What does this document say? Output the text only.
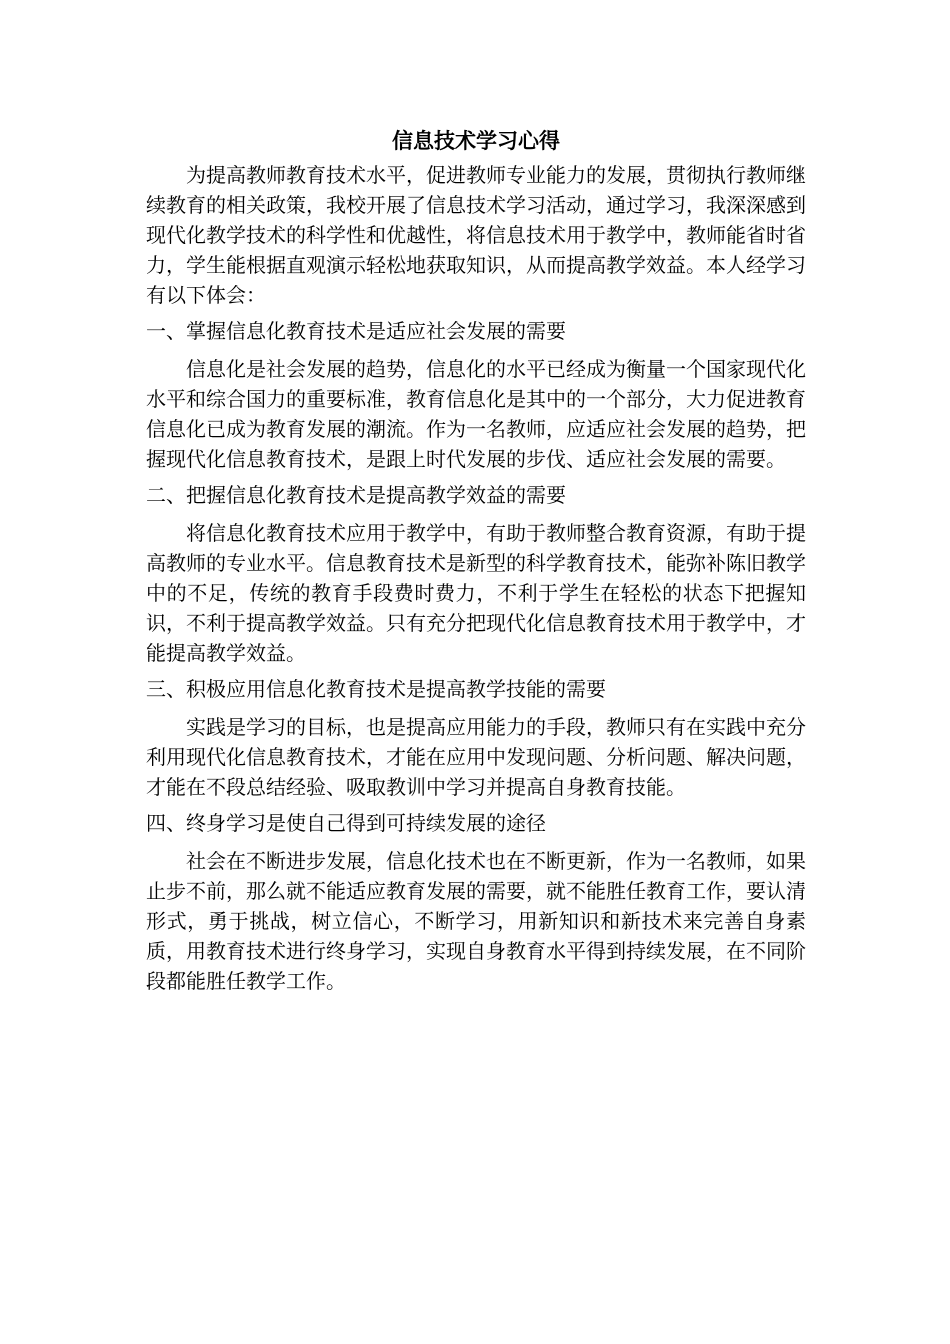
信息技术学习心得

为提高教师教育技术水平，促进教师专业能力的发展，贯彻执行教师继续教育的相关政策，我校开展了信息技术学习活动，通过学习，我深深感到现代化教学技术的科学性和优越性，将信息技术用于教学中，教师能省时省力，学生能根据直观演示轻松地获取知识，从而提高教学效益。本人经学习有以下体会：

一、掌握信息化教育技术是适应社会发展的需要

信息化是社会发展的趋势，信息化的水平已经成为衡量一个国家现代化水平和综合国力的重要标准，教育信息化是其中的一个部分，大力促进教育信息化已成为教育发展的潮流。作为一名教师，应适应社会发展的趋势，把握现代化信息教育技术，是跟上时代发展的步伐、适应社会发展的需要。

二、把握信息化教育技术是提高教学效益的需要

将信息化教育技术应用于教学中，有助于教师整合教育资源，有助于提高教师的专业水平。信息教育技术是新型的科学教育技术，能弥补陈旧教学中的不足，传统的教育手段费时费力，不利于学生在轻松的状态下把握知识，不利于提高教学效益。只有充分把现代化信息教育技术用于教学中，才能提高教学效益。

三、积极应用信息化教育技术是提高教学技能的需要

实践是学习的目标，也是提高应用能力的手段，教师只有在实践中充分利用现代化信息教育技术，才能在应用中发现问题、分析问题、解决问题，才能在不段总结经验、吸取教训中学习并提高自身教育技能。

四、终身学习是使自己得到可持续发展的途径

社会在不断进步发展，信息化技术也在不断更新，作为一名教师，如果止步不前，那么就不能适应教育发展的需要，就不能胜任教育工作，要认清形式，勇于挑战，树立信心，不断学习，用新知识和新技术来完善自身素质，用教育技术进行终身学习，实现自身教育水平得到持续发展，在不同阶段都能胜任教学工作。
